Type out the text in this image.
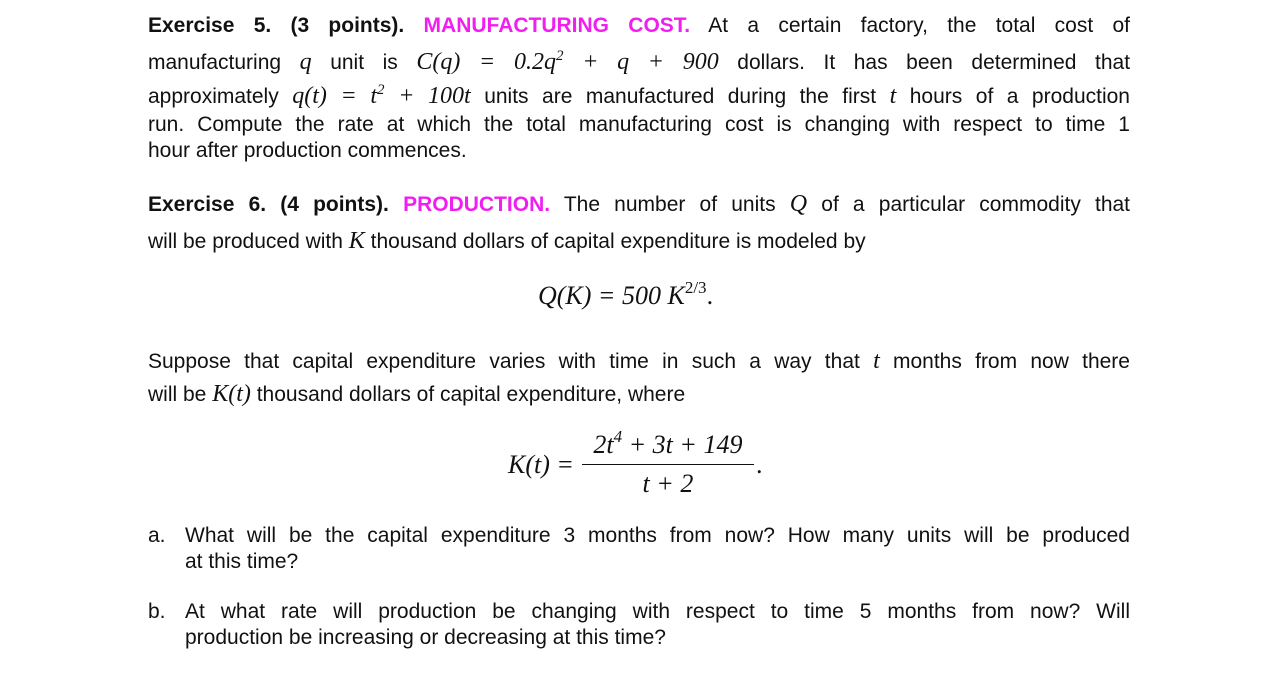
Exercise 5. (3 points). MANUFACTURING COST. At a certain factory, the total cost of
manufacturing q unit is $C(q) = 0.2q^2 + q + 900$ dollars. It has been determined that
approximately $q(t) = t^2 + 100t$ units are manufactured during the first t hours of a production
run. Compute the rate at which the total manufacturing cost is changing with respect to time 1
hour after production commences.
Exercise 6. (4 points). PRODUCTION. The number of units Q of a particular commodity that
will be produced with K thousand dollars of capital expenditure is modeled by
Q(K) = 500 $K^{2/3}$.
Suppose that capital expenditure varies with time in such a way that t months from now there
will be K(t) thousand dollars of capital expenditure, where
$K(t) = \frac{2t^4 + 3t + 149}{t + 2}$ .
a. What will be the capital expenditure 3 months from now? How many units will be produced
at this time?
b. At what rate will production be changing with respect to time 5 months from now? Will
production be increasing or decreasing at this time?
